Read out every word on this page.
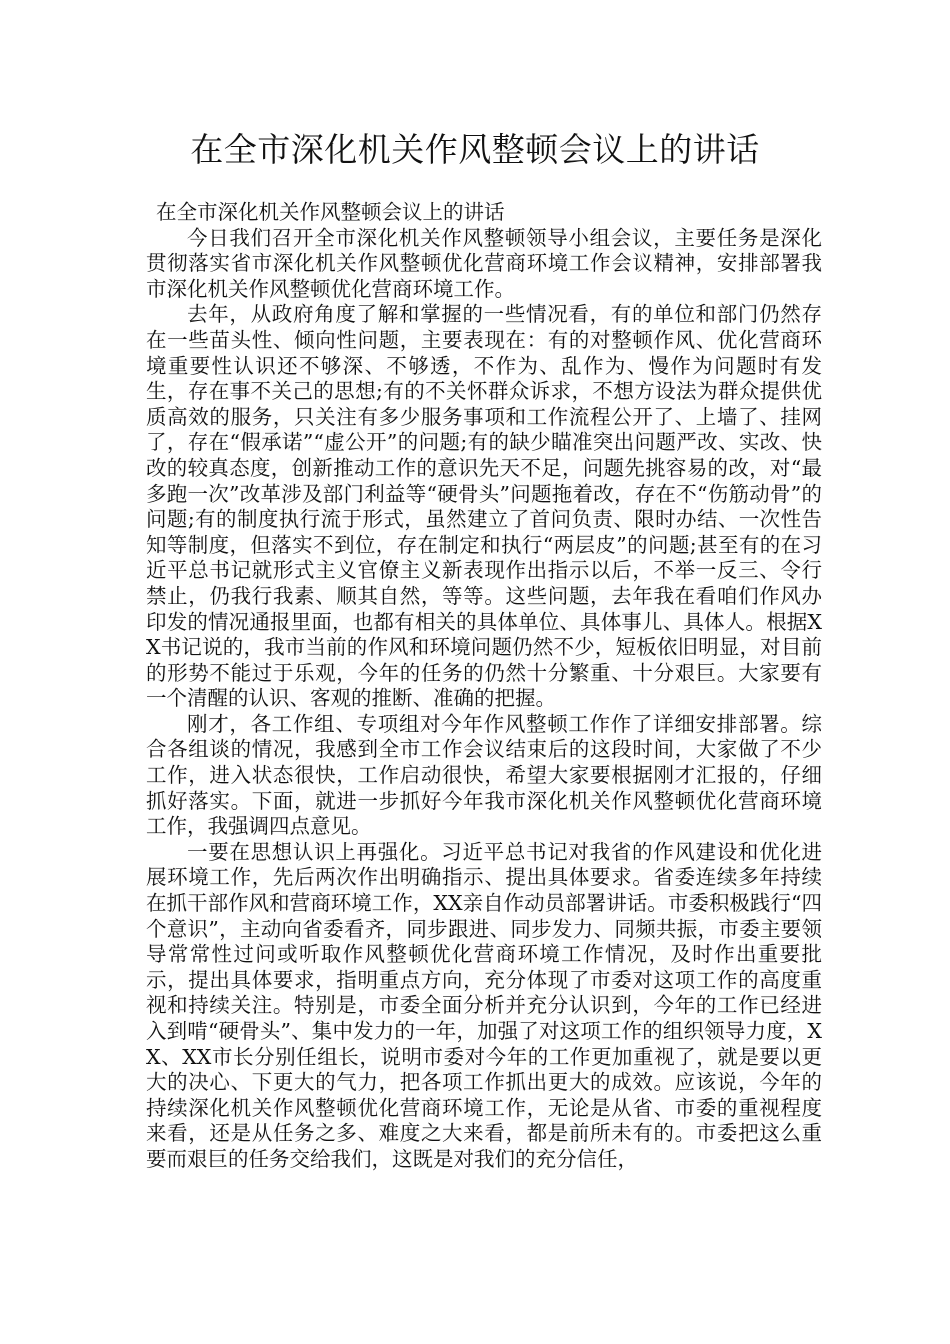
在全市深化机关作风整顿会议上的讲话

在全市深化机关作风整顿会议上的讲话

今日我们召开全市深化机关作风整顿领导小组会议，主要任务是深化贯彻落实省市深化机关作风整顿优化营商环境工作会议精神，安排部署我市深化机关作风整顿优化营商环境工作。

去年，从政府角度了解和掌握的一些情况看，有的单位和部门仍然存在一些苗头性、倾向性问题，主要表现在：有的对整顿作风、优化营商环境重要性认识还不够深、不够透，不作为、乱作为、慢作为问题时有发生，存在事不关己的思想;有的不关怀群众诉求，不想方设法为群众提供优质高效的服务，只关注有多少服务事项和工作流程公开了、上墙了、挂网了，存在“假承诺”“虚公开”的问题;有的缺少瞄准突出问题严改、实改、快改的较真态度，创新推动工作的意识先天不足，问题先挑容易的改，对“最多跑一次”改革涉及部门利益等“硬骨头”问题拖着改，存在不“伤筋动骨”的问题;有的制度执行流于形式，虽然建立了首问负责、限时办结、一次性告知等制度，但落实不到位，存在制定和执行“两层皮”的问题;甚至有的在习近平总书记就形式主义官僚主义新表现作出指示以后，不举一反三、令行禁止，仍我行我素、顺其自然，等等。这些问题，去年我在看咱们作风办印发的情况通报里面，也都有相关的具体单位、具体事儿、具体人。根据XX书记说的，我市当前的作风和环境问题仍然不少，短板依旧明显，对目前的形势不能过于乐观，今年的任务的仍然十分繁重、十分艰巨。大家要有一个清醒的认识、客观的推断、准确的把握。

刚才，各工作组、专项组对今年作风整顿工作作了详细安排部署。综合各组谈的情况，我感到全市工作会议结束后的这段时间，大家做了不少工作，进入状态很快，工作启动很快，希望大家要根据刚才汇报的，仔细抓好落实。下面，就进一步抓好今年我市深化机关作风整顿优化营商环境工作，我强调四点意见。

一要在思想认识上再强化。习近平总书记对我省的作风建设和优化进展环境工作，先后两次作出明确指示、提出具体要求。省委连续多年持续在抓干部作风和营商环境工作，XX亲自作动员部署讲话。市委积极践行“四个意识”，主动向省委看齐，同步跟进、同步发力、同频共振，市委主要领导常常性过问或听取作风整顿优化营商环境工作情况，及时作出重要批示，提出具体要求，指明重点方向，充分体现了市委对这项工作的高度重视和持续关注。特别是，市委全面分析并充分认识到，今年的工作已经进入到啃“硬骨头”、集中发力的一年，加强了对这项工作的组织领导力度，XX、XX市长分别任组长，说明市委对今年的工作更加重视了，就是要以更大的决心、下更大的气力，把各项工作抓出更大的成效。应该说，今年的持续深化机关作风整顿优化营商环境工作，无论是从省、市委的重视程度来看，还是从任务之多、难度之大来看，都是前所未有的。市委把这么重要而艰巨的任务交给我们，这既是对我们的充分信任，
